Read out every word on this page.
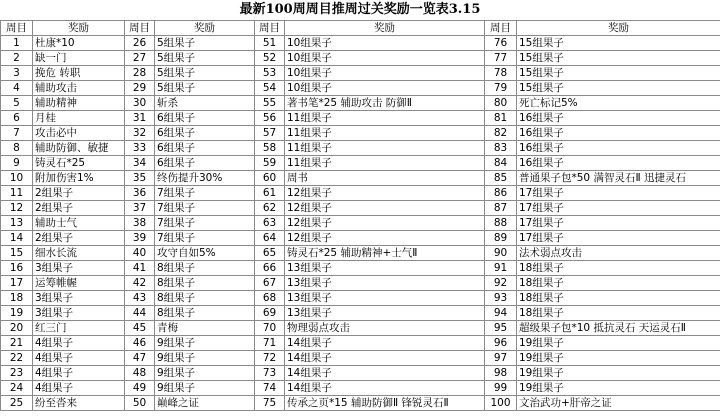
最新100周周目推周过关奖励一览表3.15
周目	奖励	周目	奖励	周目	奖励	周目	奖励
1	杜康*10	26	5组果子	51	10组果子	76	15组果子
2	缺一门	27	5组果子	52	10组果子	77	15组果子
3	挽危 转职	28	5组果子	53	10组果子	78	15组果子
4	辅助攻击	29	5组果子	54	10组果子	79	15组果子
5	辅助精神	30	斩杀	55	著书笔*25 辅助攻击 防御Ⅱ	80	死亡标记5%
6	月桂	31	6组果子	56	11组果子	81	16组果子
7	攻击必中	32	6组果子	57	11组果子	82	16组果子
8	辅助防御、敏捷	33	6组果子	58	11组果子	83	16组果子
9	铸灵石*25	34	6组果子	59	11组果子	84	16组果子
10	附加伤害1%	35	终伤提升30%	60	周书	85	普通果子包*50 满智灵石Ⅱ 迅捷灵石
11	2组果子	36	7组果子	61	12组果子	86	17组果子
12	2组果子	37	7组果子	62	12组果子	87	17组果子
13	辅助士气	38	7组果子	63	12组果子	88	17组果子
14	2组果子	39	7组果子	64	12组果子	89	17组果子
15	细水长流	40	攻守自如5%	65	铸灵石*25 辅助精神+士气Ⅱ	90	法术弱点攻击
16	3组果子	41	8组果子	66	13组果子	91	18组果子
17	运筹帷幄	42	8组果子	67	13组果子	92	18组果子
18	3组果子	43	8组果子	68	13组果子	93	18组果子
19	3组果子	44	8组果子	69	13组果子	94	18组果子
20	红三门	45	青梅	70	物理弱点攻击	95	超级果子包*10 抵抗灵石 天运灵石Ⅱ
21	4组果子	46	9组果子	71	14组果子	96	19组果子
22	4组果子	47	9组果子	72	14组果子	97	19组果子
23	4组果子	48	9组果子	73	14组果子	98	19组果子
24	4组果子	49	9组果子	74	14组果子	99	19组果子
25	纷至沓来	50	巅峰之证	75	传承之页*15 辅助防御Ⅱ 锋锐灵石Ⅱ	100	文治武功+肝帝之证
